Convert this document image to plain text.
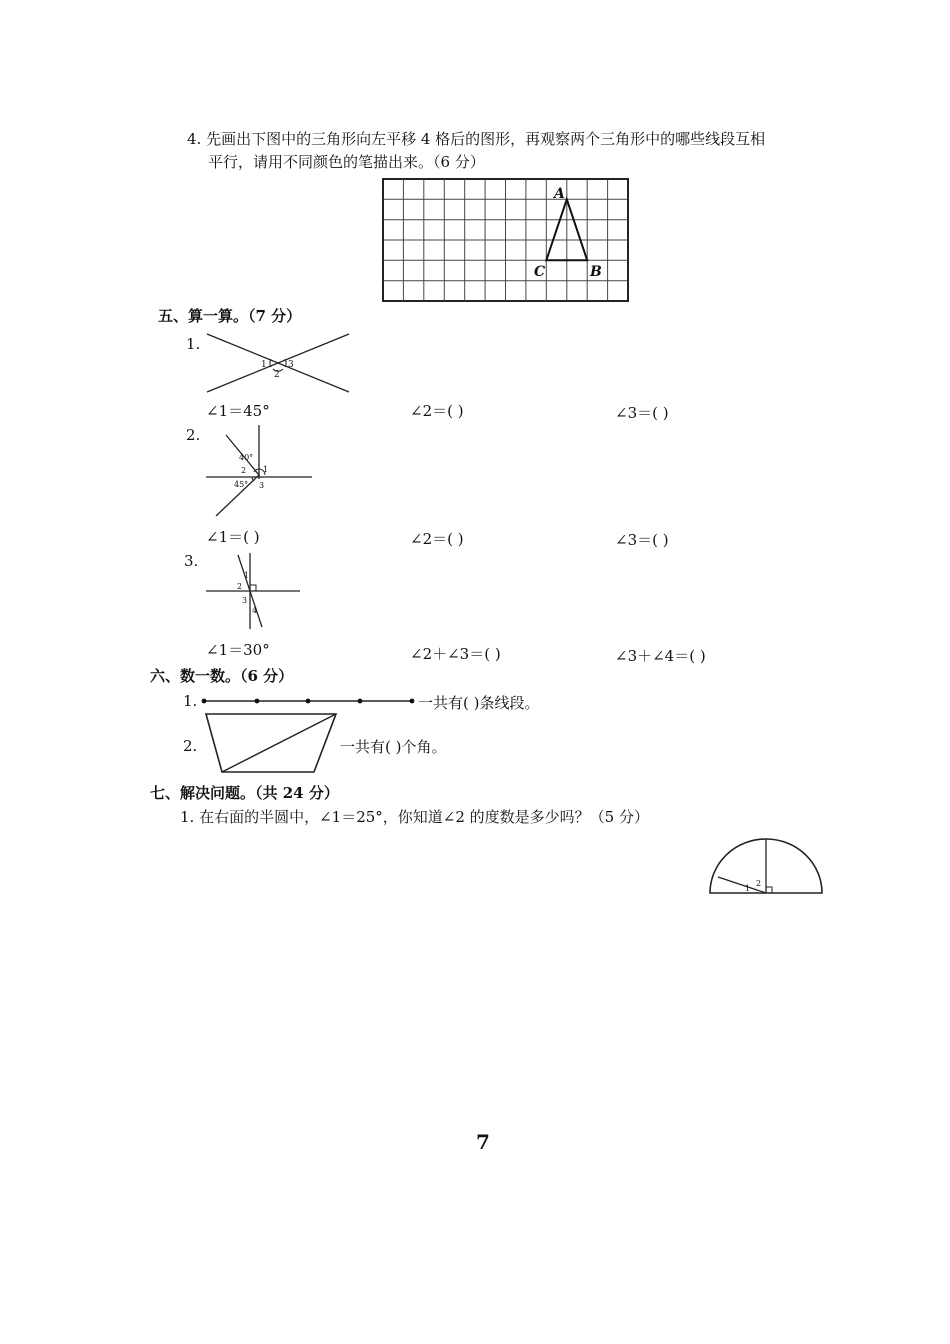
4. 先画出下图中的三角形向左平移 4 格后的图形，再观察两个三角形中的哪些线段互相
平行，请用不同颜色的笔描出来。（6 分）
A
C	B
五、算一算。（7 分）
1.
1
2
3
∠1＝45°	∠2＝( )	∠3＝( )
2.
40°
2 1
45° 3
∠1＝( )	∠2＝( )	∠3＝( )
3.
1
2
3
4
∠1＝30°	∠2＋∠3＝( )	∠3＋∠4＝( )
六、数一数。（6 分）
1.	一共有( )条线段。
2.	一共有( )个角。
七、解决问题。（共 24 分）
1. 在右面的半圆中，∠1＝25°，你知道∠2 的度数是多少吗？（5 分）
1
2
7
